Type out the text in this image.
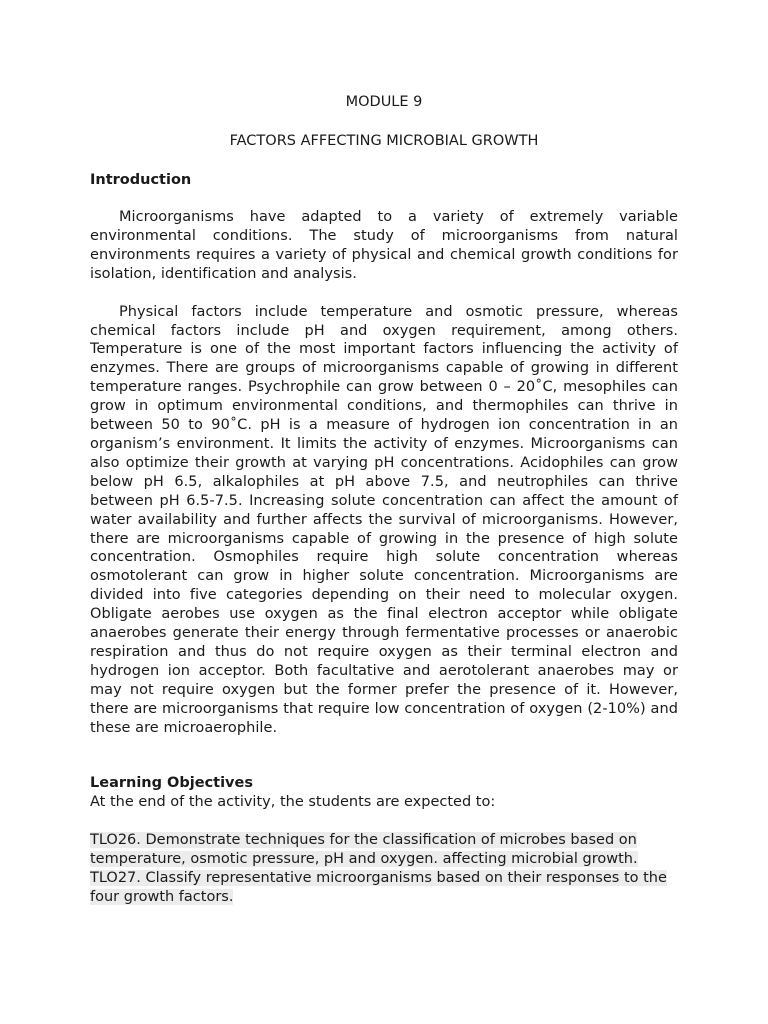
MODULE 9

FACTORS AFFECTING MICROBIAL GROWTH

Introduction

Microorganisms have adapted to a variety of extremely variable environmental conditions. The study of microorganisms from natural environments requires a variety of physical and chemical growth conditions for isolation, identification and analysis.

Physical factors include temperature and osmotic pressure, whereas chemical factors include pH and oxygen requirement, among others. Temperature is one of the most important factors influencing the activity of enzymes. There are groups of microorganisms capable of growing in different temperature ranges. Psychrophile can grow between 0 – 20˚C, mesophiles can grow in optimum environmental conditions, and thermophiles can thrive in between 50 to 90˚C. pH is a measure of hydrogen ion concentration in an organism’s environment. It limits the activity of enzymes. Microorganisms can also optimize their growth at varying pH concentrations. Acidophiles can grow below pH 6.5, alkalophiles at pH above 7.5, and neutrophiles can thrive between pH 6.5-7.5. Increasing solute concentration can affect the amount of water availability and further affects the survival of microorganisms. However, there are microorganisms capable of growing in the presence of high solute concentration. Osmophiles require high solute concentration whereas osmotolerant can grow in higher solute concentration. Microorganisms are divided into five categories depending on their need to molecular oxygen. Obligate aerobes use oxygen as the final electron acceptor while obligate anaerobes generate their energy through fermentative processes or anaerobic respiration and thus do not require oxygen as their terminal electron and hydrogen ion acceptor. Both facultative and aerotolerant anaerobes may or may not require oxygen but the former prefer the presence of it. However, there are microorganisms that require low concentration of oxygen (2-10%) and these are microaerophile.

Learning Objectives

At the end of the activity, the students are expected to:

TLO26. Demonstrate techniques for the classification of microbes based on temperature, osmotic pressure, pH and oxygen. affecting microbial growth. TLO27. Classify representative microorganisms based on their responses to the four growth factors.
